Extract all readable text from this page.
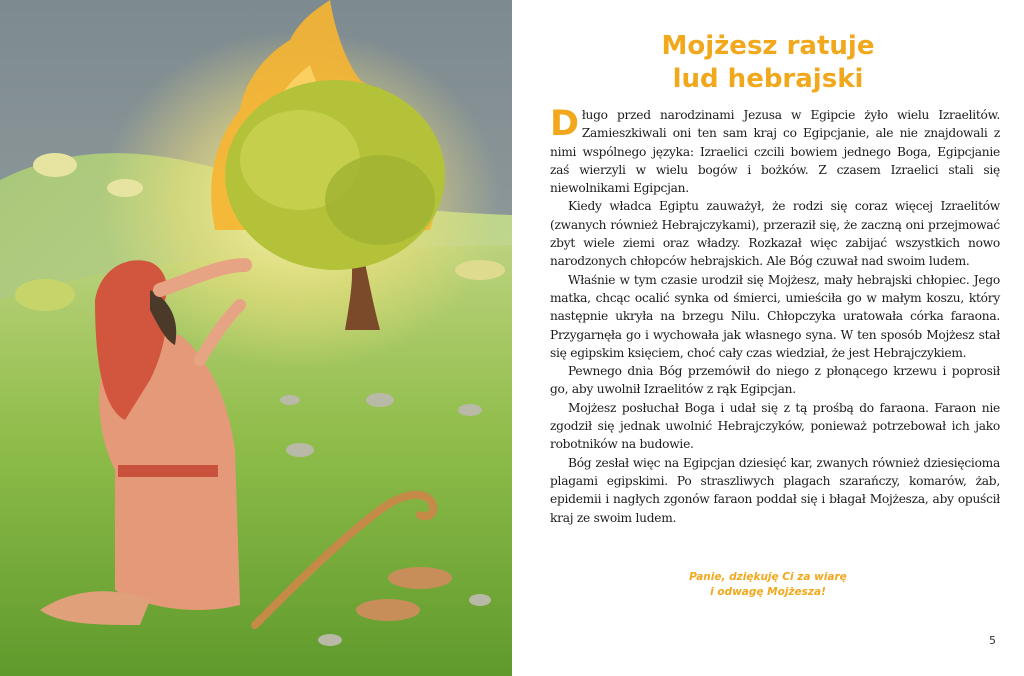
Mojżesz ratuje
lud hebrajski

Długo przed narodzinami Jezusa w Egipcie żyło wielu Izraelitów. Zamieszkiwali oni ten sam kraj co Egipcjanie, ale nie znajdowali z nimi wspólnego języka: Izraelici czcili bowiem jednego Boga, Egipcjanie zaś wierzyli w wielu bogów i bożków. Z czasem Izraelici stali się niewolnikami Egipcjan.

Kiedy władca Egiptu zauważył, że rodzi się coraz więcej Izraelitów (zwanych również Hebrajczykami), przeraził się, że zaczną oni przejmować zbyt wiele ziemi oraz władzy. Rozkazał więc zabijać wszystkich nowo narodzonych chłopców hebrajskich. Ale Bóg czuwał nad swoim ludem.

Właśnie w tym czasie urodził się Mojżesz, mały hebrajski chłopiec. Jego matka, chcąc ocalić synka od śmierci, umieściła go w małym koszu, który następnie ukryła na brzegu Nilu. Chłopczyka uratowała córka faraona. Przygarnęła go i wychowała jak własnego syna. W ten sposób Mojżesz stał się egipskim księciem, choć cały czas wiedział, że jest Hebrajczykiem.

Pewnego dnia Bóg przemówił do niego z płonącego krzewu i poprosił go, aby uwolnił Izraelitów z rąk Egipcjan.

Mojżesz posłuchał Boga i udał się z tą prośbą do faraona. Faraon nie zgodził się jednak uwolnić Hebrajczyków, ponieważ potrzebował ich jako robotników na budowie.

Bóg zesłał więc na Egipcjan dziesięć kar, zwanych również dziesięcioma plagami egipskimi. Po straszliwych plagach szarańczy, komarów, żab, epidemii i nagłych zgonów faraon poddał się i błagał Mojżesza, aby opuścił kraj ze swoim ludem.

Panie, dziękuję Ci za wiarę
i odwagę Mojżesza!
5
